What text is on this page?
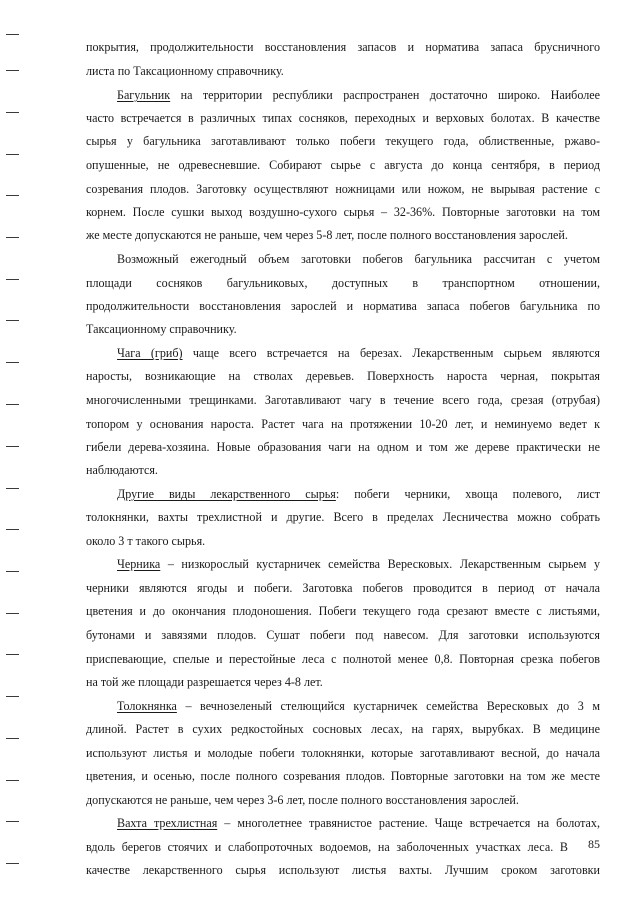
покрытия, продолжительности восстановления запасов и норматива запаса брусничного
листа по Таксационному справочнику.
Багульник на территории республики распространен достаточно широко. Наиболее
часто встречается в различных типах сосняков, переходных и верховых болотах. В качестве
сырья у багульника заготавливают только побеги текущего года, облиственные, ржаво-
опушенные, не одревесневшие. Собирают сырье с августа до конца сентября, в период
созревания плодов. Заготовку осуществляют ножницами или ножом, не вырывая растение с
корнем. После сушки выход воздушно-сухого сырья – 32-36%. Повторные заготовки на том
же месте допускаются не раньше, чем через 5-8 лет, после полного восстановления зарослей.
Возможный ежегодный объем заготовки побегов багульника рассчитан с учетом
площади сосняков багульниковых, доступных в транспортном отношении,
продолжительности восстановления зарослей и норматива запаса побегов багульника по
Таксационному справочнику.
Чага (гриб) чаще всего встречается на березах. Лекарственным сырьем являются
наросты, возникающие на стволах деревьев. Поверхность нароста черная, покрытая
многочисленными трещинками. Заготавливают чагу в течение всего года, срезая (отрубая)
топором у основания нароста. Растет чага на протяжении 10-20 лет, и неминуемо ведет к
гибели дерева-хозяина. Новые образования чаги на одном и том же дереве практически не
наблюдаются.
Другие виды лекарственного сырья: побеги черники, хвоща полевого, лист
толокнянки, вахты трехлистной и другие. Всего в пределах Лесничества можно собрать
около 3 т такого сырья.
Черника – низкорослый кустарничек семейства Вересковых. Лекарственным сырьем у
черники являются ягоды и побеги. Заготовка побегов проводится в период от начала
цветения и до окончания плодоношения. Побеги текущего года срезают вместе с листьями,
бутонами и завязями плодов. Сушат побеги под навесом. Для заготовки используются
приспевающие, спелые и перестойные леса с полнотой менее 0,8. Повторная срезка побегов
на той же площади разрешается через 4-8 лет.
Толокнянка – вечнозеленый стелющийся кустарничек семейства Вересковых до 3 м
длиной. Растет в сухих редкостойных сосновых лесах, на гарях, вырубках. В медицине
используют листья и молодые побеги толокнянки, которые заготавливают весной, до начала
цветения, и осенью, после полного созревания плодов. Повторные заготовки на том же месте
допускаются не раньше, чем через 3-6 лет, после полного восстановления зарослей.
Вахта трехлистная – многолетнее травянистое растение. Чаще встречается на болотах,
вдоль берегов стоячих и слабопроточных водоемов, на заболоченных участках леса. В
качестве лекарственного сырья используют листья вахты. Лучшим сроком заготовки
85
